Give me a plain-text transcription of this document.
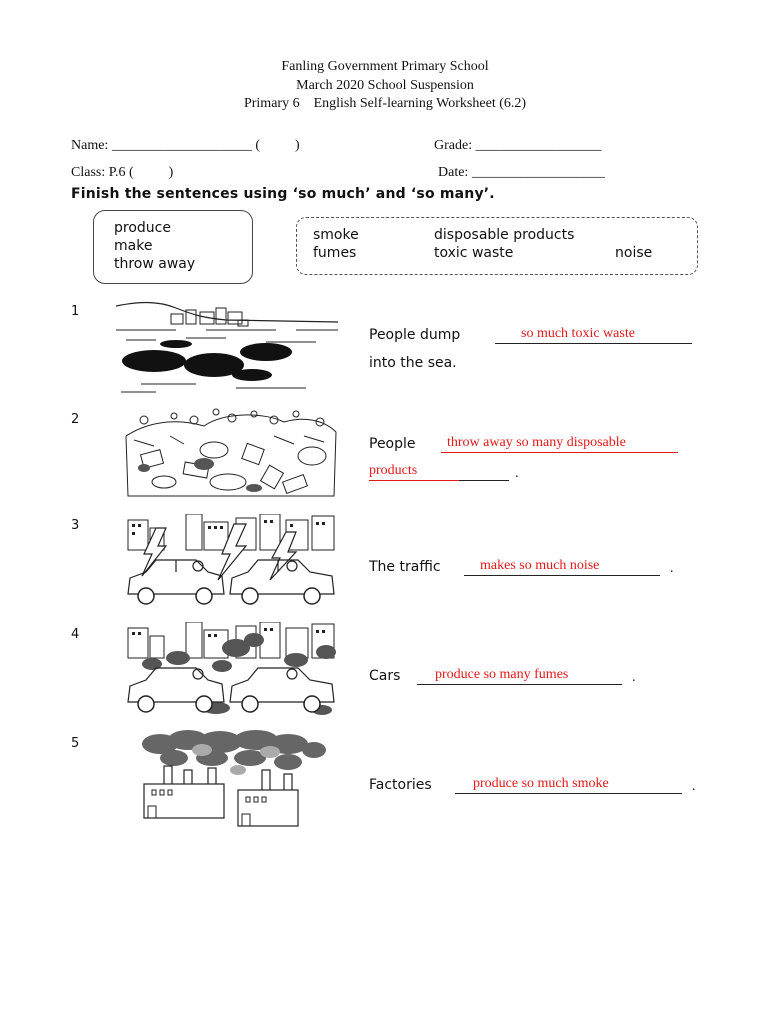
Fanling Government Primary School
March 2020 School Suspension
Primary 6    English Self-learning Worksheet (6.2)
Name: ____________________ (          )	Grade: __________________
Class: P.6 (          )	Date: ___________________
Finish the sentences using ‘so much’ and ‘so many’.
produce
make
throw away
smoke	disposable products
fumes	toxic waste	noise
1
People dump	so much toxic waste
into the sea.
2
People throw away so many disposable
products	.
3
The traffic	makes so much noise	.
4
Cars produce so many fumes	.
5
Factories	produce so much smoke	.
